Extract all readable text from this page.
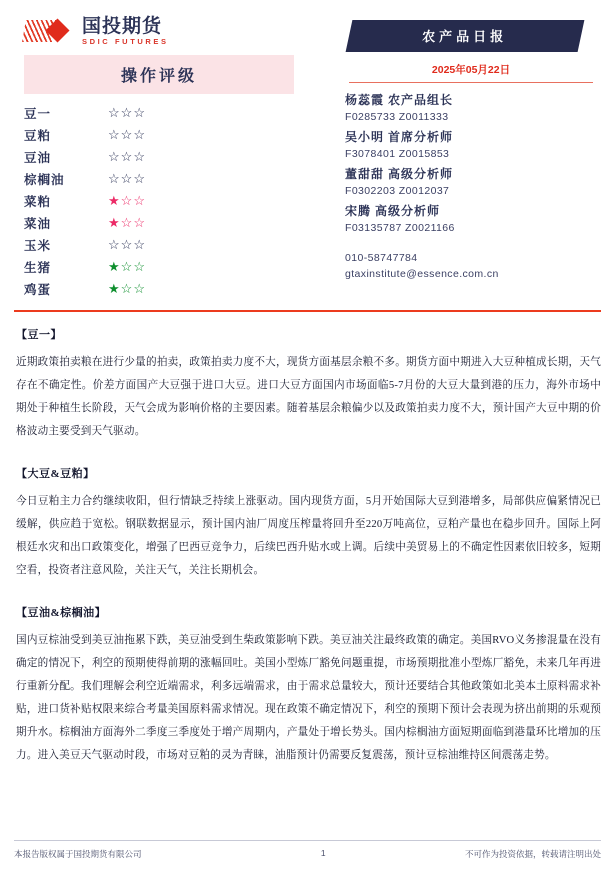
国投期货
SDIC FUTURES
操作评级
豆一	☆☆☆
豆粕	☆☆☆
豆油	☆☆☆
棕榈油	☆☆☆
菜粕	★☆☆
菜油	★☆☆
玉米	☆☆☆
生猪	★☆☆
鸡蛋	★☆☆
农产品日报
2025年05月22日
杨蕊霞 农产品组长
F0285733 Z0011333
吴小明 首席分析师
F3078401 Z0015853
董甜甜 高级分析师
F0302203 Z0012037
宋腾 高级分析师
F03135787 Z0021166
010-58747784
gtaxinstitute@essence.com.cn
【豆一】
近期政策拍卖粮在进行少量的拍卖，政策拍卖力度不大，现货方面基层余粮不多。期货方面中期进入大豆种植成长期，天气存在不确定性。价差方面国产大豆强于进口大豆。进口大豆方面国内市场面临5-7月份的大豆大量到港的压力，海外市场中期处于种植生长阶段，天气会成为影响价格的主要因素。随着基层余粮偏少以及政策拍卖力度不大，预计国产大豆中期的价格波动主要受到天气驱动。
【大豆&豆粕】
今日豆粕主力合约继续收阳，但行情缺乏持续上涨驱动。国内现货方面，5月开始国际大豆到港增多，局部供应偏紧情况已缓解，供应趋于宽松。钢联数据显示，预计国内油厂周度压榨量将回升至220万吨高位，豆粕产量也在稳步回升。国际上阿根廷水灾和出口政策变化，增强了巴西豆竞争力，后续巴西升贴水或上调。后续中美贸易上的不确定性因素依旧较多，短期空看，投资者注意风险，关注天气，关注长期机会。
【豆油&棕榈油】
国内豆棕油受到美豆油拖累下跌，美豆油受到生柴政策影响下跌。美豆油关注最终政策的确定。美国RVO义务掺混量在没有确定的情况下，利空的预期使得前期的涨幅回吐。美国小型炼厂豁免问题重提，市场预期批准小型炼厂豁免，未来几年再进行重新分配。我们理解会利空近端需求，利多远端需求，由于需求总量较大，预计还要结合其他政策如北美本土原料需求补贴，进口货补贴权限来综合考量美国原料需求情况。现在政策不确定情况下，利空的预期下预计会表现为挤出前期的乐观预期升水。棕榈油方面海外二季度三季度处于增产周期内，产量处于增长势头。国内棕榈油方面短期面临到港量环比增加的压力。进入美豆天气驱动时段，市场对豆粕的灵为青睐，油脂预计仍需要反复震荡，预计豆棕油维持区间震荡走势。
本报告版权属于国投期货有限公司	1	不可作为投资依据，转载请注明出处
